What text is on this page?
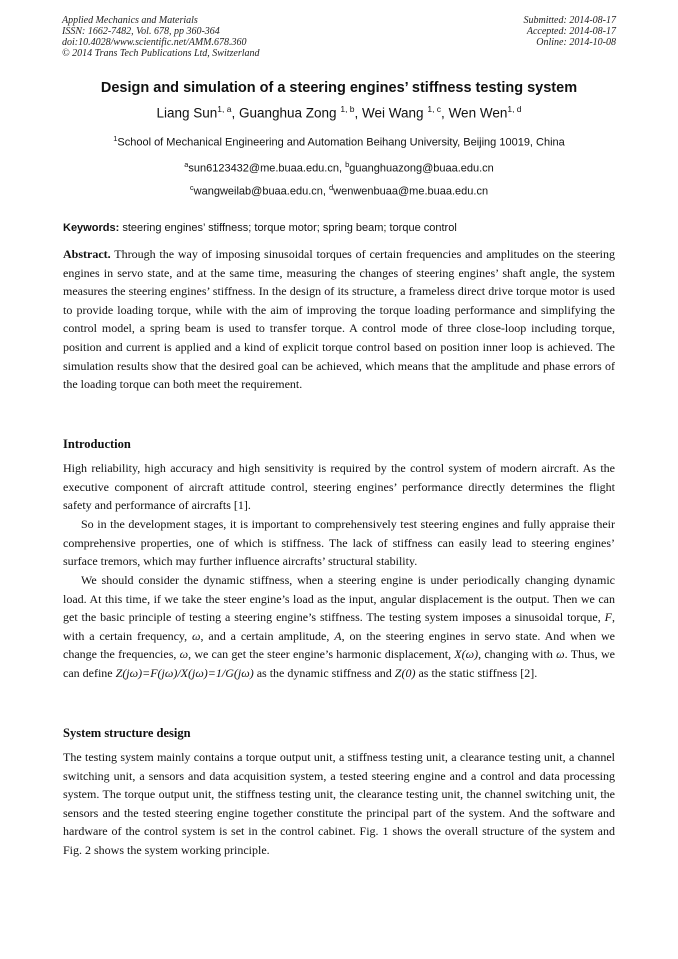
Applied Mechanics and Materials
ISSN: 1662-7482, Vol. 678, pp 360-364
doi:10.4028/www.scientific.net/AMM.678.360
© 2014 Trans Tech Publications Ltd, Switzerland
Submitted: 2014-08-17
Accepted: 2014-08-17
Online: 2014-10-08
Design and simulation of a steering engines’ stiffness testing system
Liang Sun$^{1, a}$, Guanghua Zong $^{1, b}$, Wei Wang $^{1, c}$, Wen Wen$^{1, d}$
$^1$School of Mechanical Engineering and Automation Beihang University, Beijing 10019, China
$^a$sun6123432@me.buaa.edu.cn, $^b$guanghuazong@buaa.edu.cn
$^c$wangweilab@buaa.edu.cn, $^d$wenwenbuaa@me.buaa.edu.cn
Keywords: steering engines’ stiffness; torque motor; spring beam; torque control
Abstract. Through the way of imposing sinusoidal torques of certain frequencies and amplitudes on the steering engines in servo state, and at the same time, measuring the changes of steering engines’ shaft angle, the system measures the steering engines’ stiffness. In the design of its structure, a frameless direct drive torque motor is used to provide loading torque, while with the aim of improving the torque loading performance and simplifying the control model, a spring beam is used to transfer torque. A control mode of three close-loop including torque, position and current is applied and a kind of explicit torque control based on position inner loop is achieved. The simulation results show that the desired goal can be achieved, which means that the amplitude and phase errors of the loading torque can both meet the requirement.
Introduction
High reliability, high accuracy and high sensitivity is required by the control system of modern aircraft. As the executive component of aircraft attitude control, steering engines’ performance directly determines the flight safety and performance of aircrafts [1].
So in the development stages, it is important to comprehensively test steering engines and fully appraise their comprehensive properties, one of which is stiffness. The lack of stiffness can easily lead to steering engines’ surface tremors, which may further influence aircrafts’ structural stability.
We should consider the dynamic stiffness, when a steering engine is under periodically changing dynamic load. At this time, if we take the steer engine’s load as the input, angular displacement is the output. Then we can get the basic principle of testing a steering engine’s stiffness. The testing system imposes a sinusoidal torque, F, with a certain frequency, ω, and a certain amplitude, A, on the steering engines in servo state. And when we change the frequencies, ω, we can get the steer engine’s harmonic displacement, X(ω), changing with ω. Thus, we can define Z(jω)=F(jω)/X(jω)=1/G(jω) as the dynamic stiffness and Z(0) as the static stiffness [2].
System structure design
The testing system mainly contains a torque output unit, a stiffness testing unit, a clearance testing unit, a channel switching unit, a sensors and data acquisition system, a tested steering engine and a control and data processing system. The torque output unit, the stiffness testing unit, the clearance testing unit, the channel switching unit, the sensors and the tested steering engine together constitute the principal part of the system. And the software and hardware of the control system is set in the control cabinet. Fig. 1 shows the overall structure of the system and Fig. 2 shows the system working principle.
